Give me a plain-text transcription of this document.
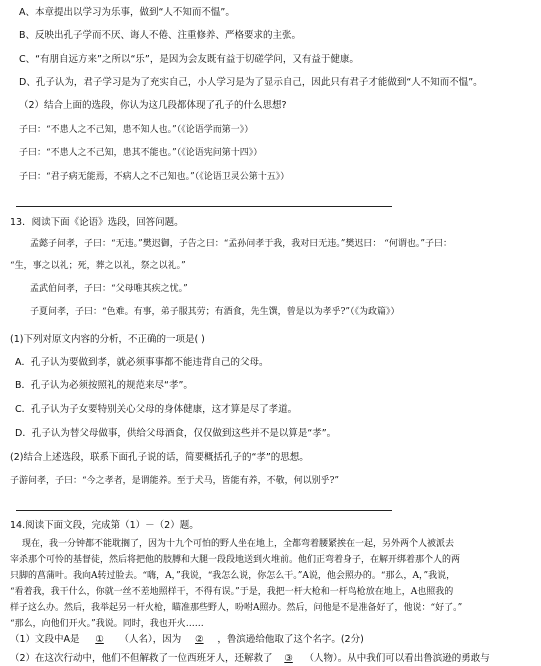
A、本章提出以学习为乐事，做到“人不知而不愠”。
B、反映出孔子学而不厌、诲人不倦、注重修养、严格要求的主张。
C、“有朋自远方来”之所以“乐”，是因为会友既有益于切磋学问，又有益于健康。
D、孔子认为，君子学习是为了充实自己，小人学习是为了显示自己，因此只有君子才能做到“人不知而不愠”。
（2）结合上面的选段，你认为这几段都体现了孔子的什么思想?
子曰：“不患人之不己知，患不知人也。”（《论语学而第一》）
子曰：“不患人之不己知，患其不能也。”（《论语宪问第十四》）
子曰：“君子病无能焉，不病人之不己知也。”（《论语卫灵公第十五》）
13．阅读下面《论语》选段，回答问题。
孟懿子问孝，子曰：“无违。”樊迟御，子告之曰：“孟孙问孝于我，我对曰无违。”樊迟曰： “何谓也。”子曰：
“生，事之以礼；死，葬之以礼，祭之以礼。”
孟武伯问孝，子曰：“父母唯其疾之忧。”
子夏问孝，子曰：“色难。有事，弟子服其劳；有酒食，先生馔，曾是以为孝乎?”（《为政篇》）
(1)下列对原文内容的分析，不正确的一项是( )
A．孔子认为要做到孝，就必须事事都不能违背自己的父母。
B．孔子认为必须按照礼的规范来尽“孝”。
C．孔子认为子女要特别关心父母的身体健康，这才算是尽了孝道。
D．孔子认为替父母做事，供给父母酒食，仅仅做到这些并不是以算是“孝”。
(2)结合上述选段，联系下面孔子说的话，简要概括孔子的“孝”的思想。
子游问孝，子曰：“今之孝者，是谓能养。至于犬马，皆能有养，不敬，何以别乎?”
14.阅读下面文段，完成第（1）－（2）题。
现在，我一分钟都不能耽搁了，因为十九个可怕的野人坐在地上，全都弯着腰紧挨在一起，另外两个人被派去
宰杀那个可怜的基督徒，然后将把他的肢膊和大腿一段段地送到火堆前。他们正弯着身子，在解开绑着那个人的两
只脚的菖蒲叶。我向A转过脸去。“嗨，A，”我说，“我怎么说，你怎么干。”A说，他会照办的。“那么，A，”我说，
“看着我，我干什么，你就一丝不差地照样干，不得有误。”于是，我把一杆大枪和一杆鸟枪放在地上，A也照我的
样子这么办。然后，我举起另一杆火枪，瞄准那些野人，吩咐A照办。然后，问他是不是准备好了，他说：“好了。”
“那么，向他们开火。”我说。同时，我也开火……
（1）文段中A是 ① （人名），因为 ② ，鲁滨逊给他取了这个名字。(2分)
（2）在这次行动中，他们不但解救了一位西班牙人，还解救了 ③ （人物）。从中我们可以看出鲁滨逊的勇敢与
